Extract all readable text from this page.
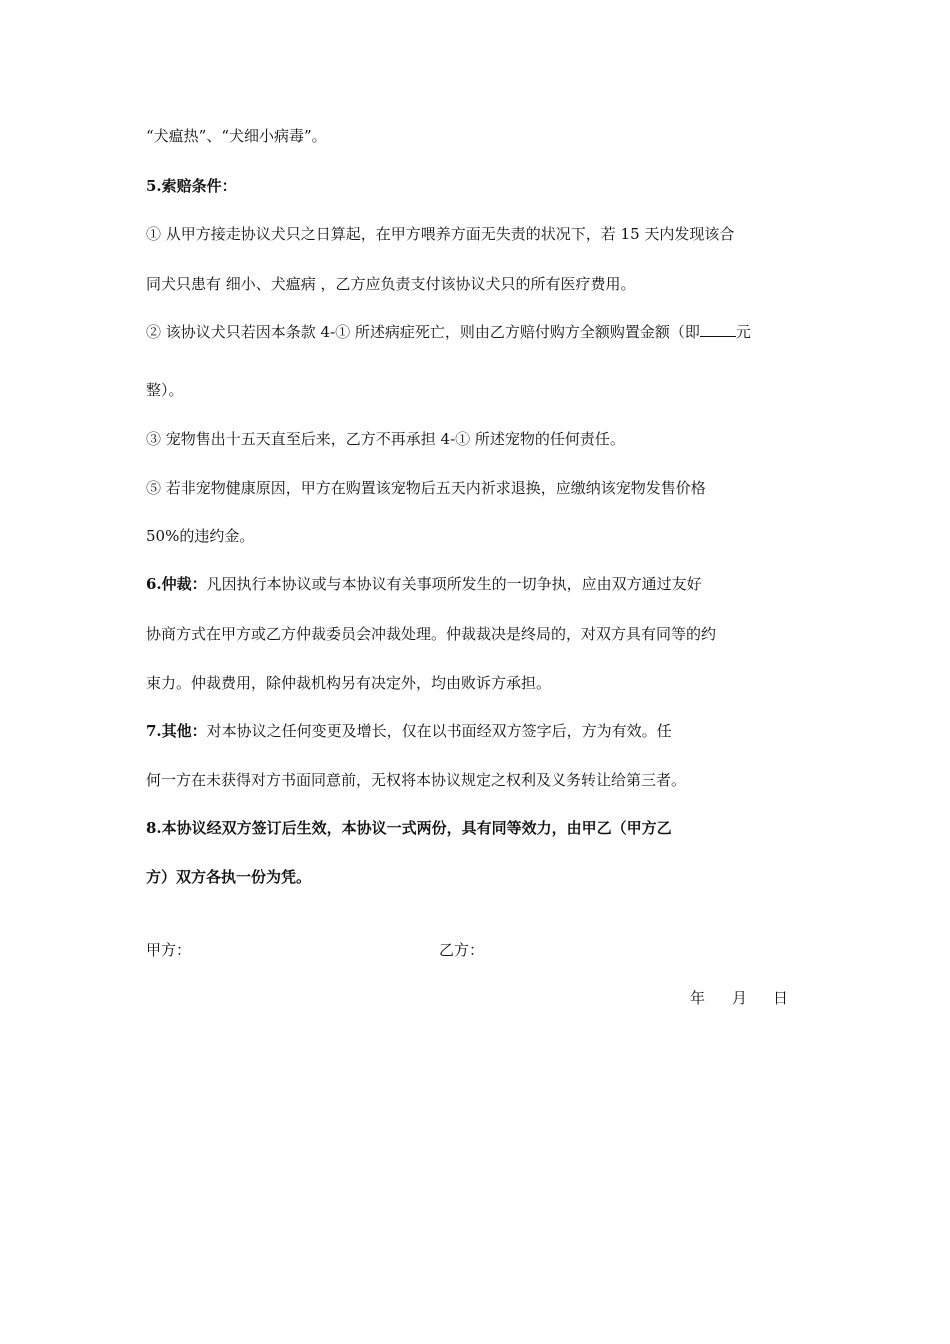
“犬瘟热”、“犬细小病毒”。
5.索赔条件：
① 从甲方接走协议犬只之日算起，在甲方喂养方面无失责的状况下，若 15 天内发现该合
同犬只患有 细小、犬瘟病 ，乙方应负责支付该协议犬只的所有医疗费用。
② 该协议犬只若因本条款 4-① 所述病症死亡，则由乙方赔付购方全额购置金额（即 元
整）。
③ 宠物售出十五天直至后来，乙方不再承担 4-① 所述宠物的任何责任。
⑤ 若非宠物健康原因，甲方在购置该宠物后五天内祈求退换，应缴纳该宠物发售价格
50%的违约金。
6.仲裁：凡因执行本协议或与本协议有关事项所发生的一切争执，应由双方通过友好
协商方式在甲方或乙方仲裁委员会冲裁处理。仲裁裁决是终局的，对双方具有同等的约
束力。仲裁费用，除仲裁机构另有决定外，均由败诉方承担。
7.其他：对本协议之任何变更及增长，仅在以书面经双方签字后，方为有效。任
何一方在未获得对方书面同意前，无权将本协议规定之权利及义务转让给第三者。
8.本协议经双方签订后生效，本协议一式两份，具有同等效力，由甲乙（甲方乙
方）双方各执一份为凭。
甲方：	乙方：
年 月 日
